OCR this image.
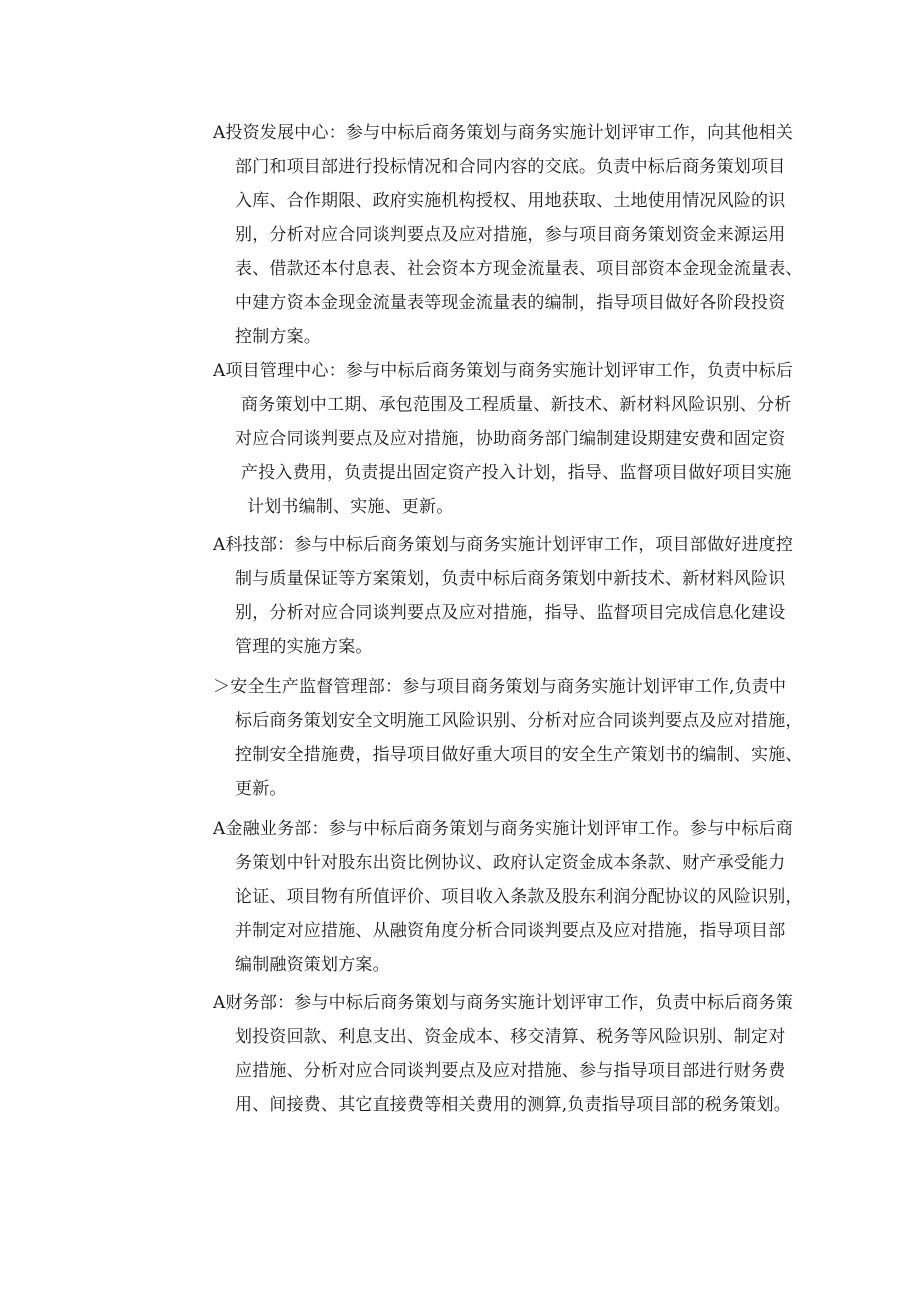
A投资发展中心：参与中标后商务策划与商务实施计划评审工作，向其他相关
部门和项目部进行投标情况和合同内容的交底。负责中标后商务策划项目
入库、合作期限、政府实施机构授权、用地获取、土地使用情况风险的识
别，分析对应合同谈判要点及应对措施，参与项目商务策划资金来源运用
表、借款还本付息表、社会资本方现金流量表、项目部资本金现金流量表、
中建方资本金现金流量表等现金流量表的编制，指导项目做好各阶段投资
控制方案。
A项目管理中心：参与中标后商务策划与商务实施计划评审工作，负责中标后
商务策划中工期、承包范围及工程质量、新技术、新材料风险识别、分析
对应合同谈判要点及应对措施，协助商务部门编制建设期建安费和固定资
产投入费用，负责提出固定资产投入计划，指导、监督项目做好项目实施
计划书编制、实施、更新。
A科技部：参与中标后商务策划与商务实施计划评审工作，项目部做好进度控
制与质量保证等方案策划，负责中标后商务策划中新技术、新材料风险识
别，分析对应合同谈判要点及应对措施，指导、监督项目完成信息化建设
管理的实施方案。
＞安全生产监督管理部：参与项目商务策划与商务实施计划评审工作,负责中
标后商务策划安全文明施工风险识别、分析对应合同谈判要点及应对措施，
控制安全措施费，指导项目做好重大项目的安全生产策划书的编制、实施、
更新。
A金融业务部：参与中标后商务策划与商务实施计划评审工作。参与中标后商
务策划中针对股东出资比例协议、政府认定资金成本条款、财产承受能力
论证、项目物有所值评价、项目收入条款及股东利润分配协议的风险识别，
并制定对应措施、从融资角度分析合同谈判要点及应对措施，指导项目部
编制融资策划方案。
A财务部：参与中标后商务策划与商务实施计划评审工作，负责中标后商务策
划投资回款、利息支出、资金成本、移交清算、税务等风险识别、制定对
应措施、分析对应合同谈判要点及应对措施、参与指导项目部进行财务费
用、间接费、其它直接费等相关费用的测算,负责指导项目部的税务策划。
